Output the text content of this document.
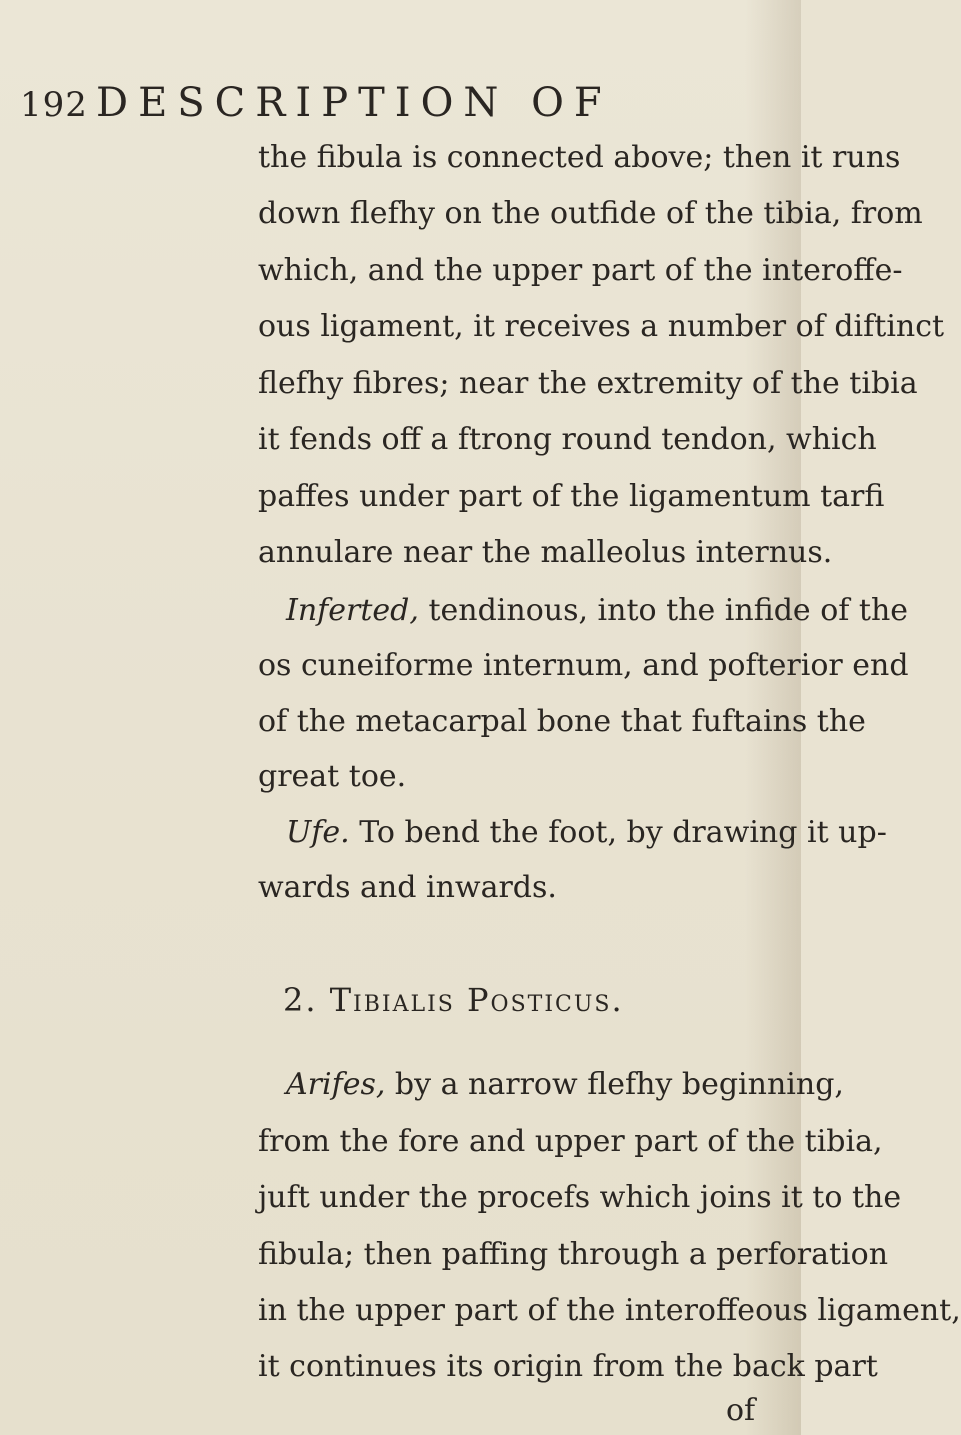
192 DESCRIPTION OF
the fibula is connected above; then it runs
down flefhy on the outfide of the tibia, from
which, and the upper part of the interoffe-
ous ligament, it receives a number of diftinct
flefhy fibres; near the extremity of the tibia
it fends off a ftrong round tendon, which
paffes under part of the ligamentum tarfi
annulare near the malleolus internus.
Inferted, tendinous, into the infide of the
os cuneiforme internum, and pofterior end
of the metacarpal bone that fuftains the
great toe.
Ufe. To bend the foot, by drawing it up-
wards and inwards.
2. Tibialis Posticus.
Arifes, by a narrow flefhy beginning,
from the fore and upper part of the tibia,
juft under the procefs which joins it to the
fibula; then paffing through a perforation
in the upper part of the interoffeous ligament,
it continues its origin from the back part
of
